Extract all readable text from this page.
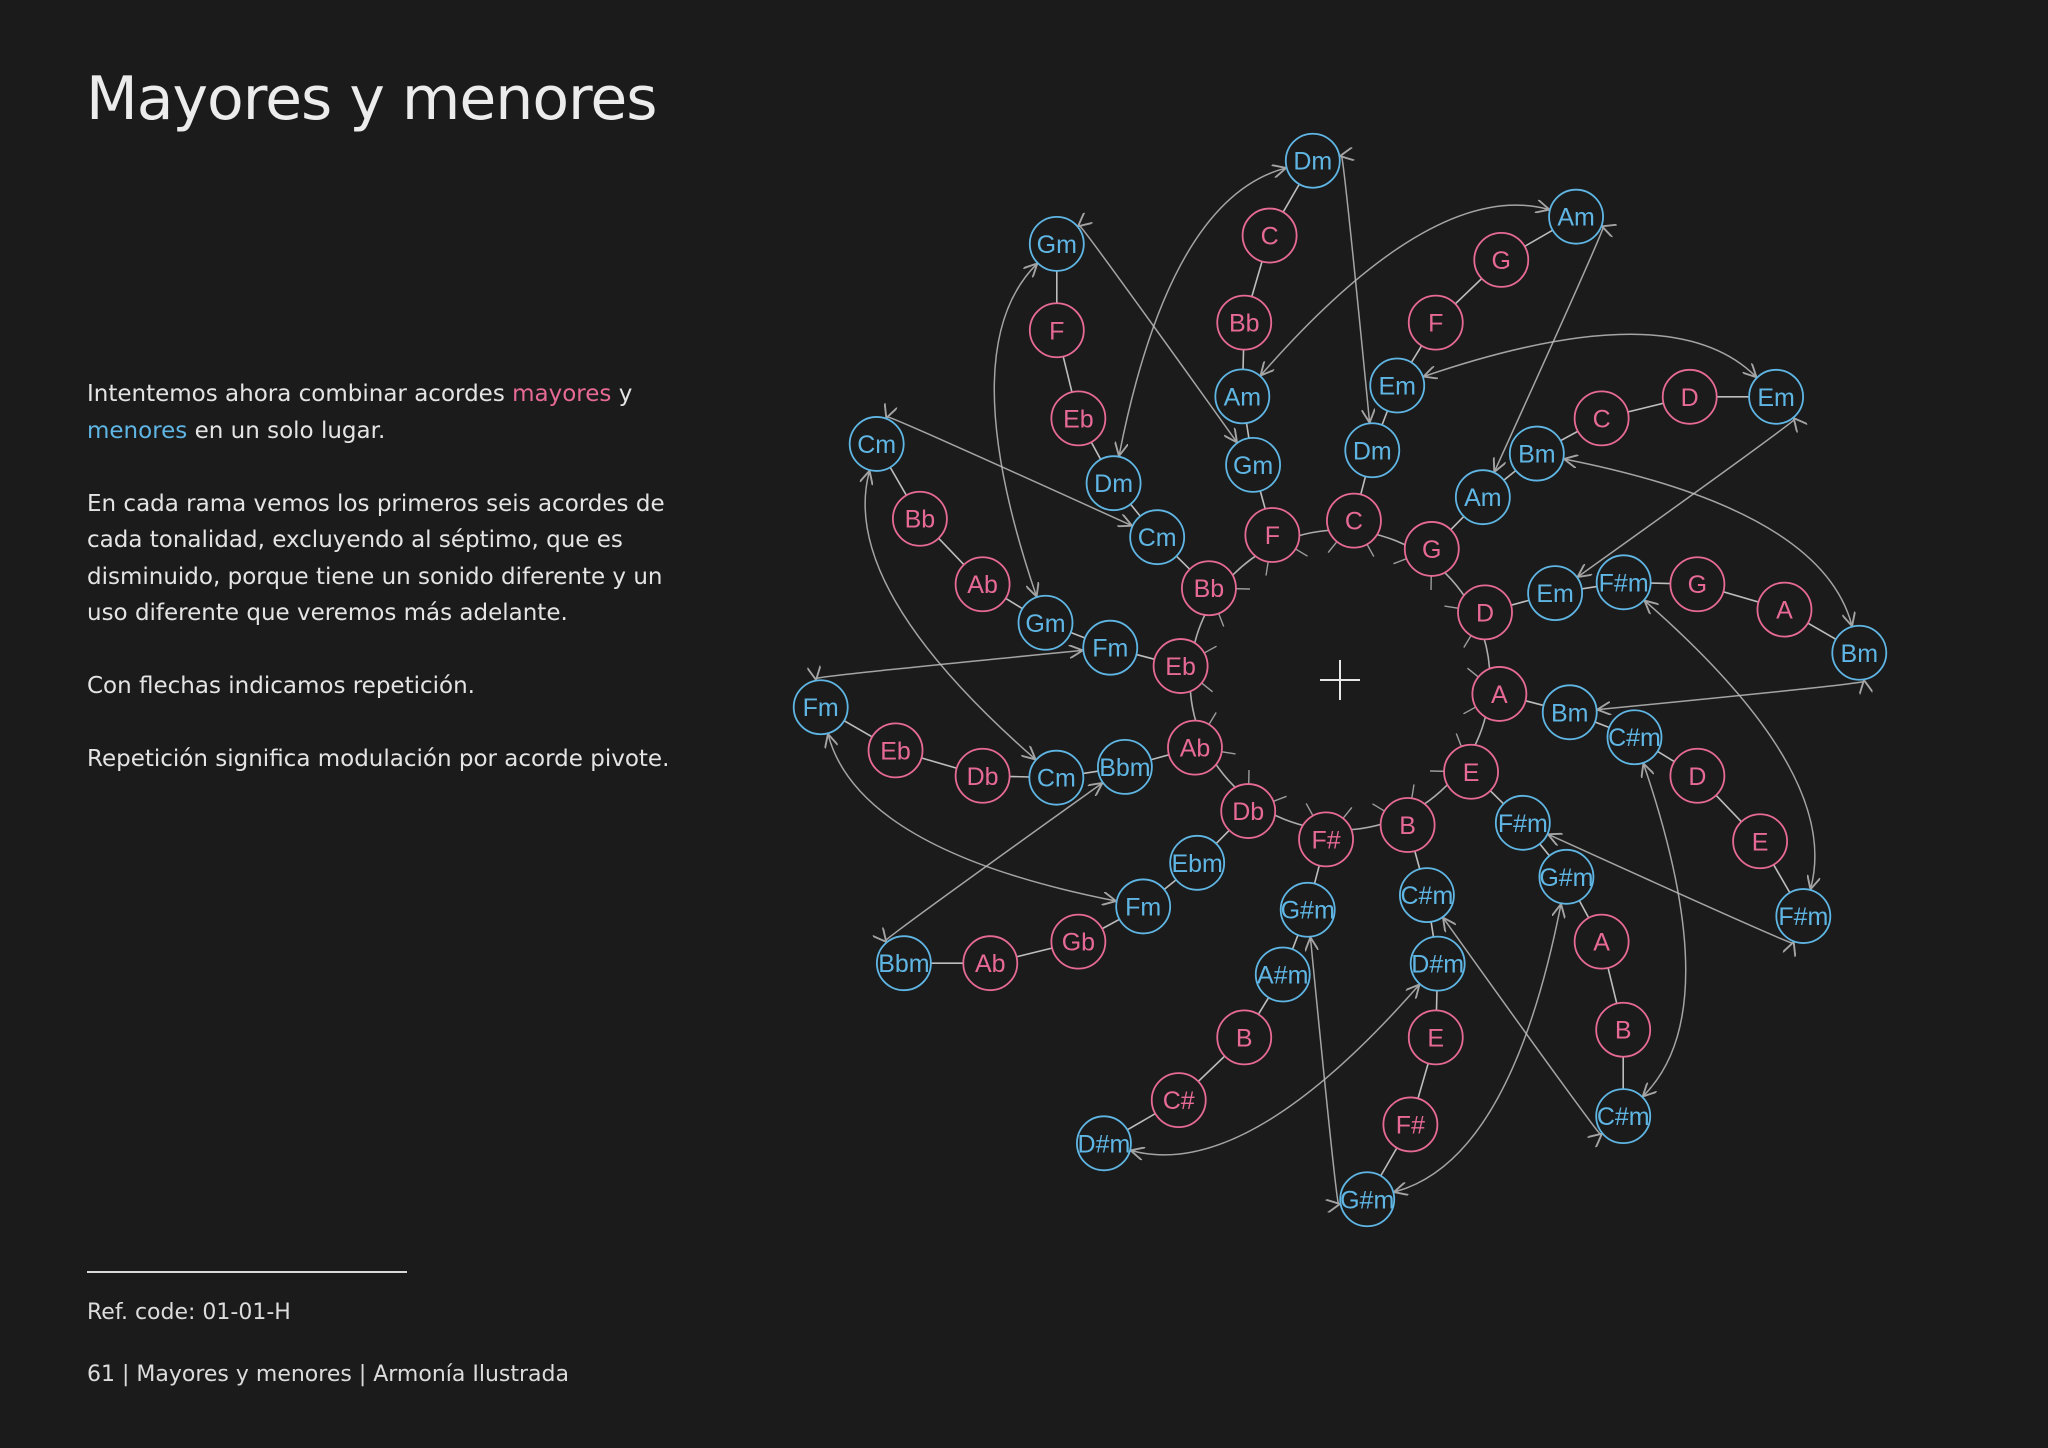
Mayores y menores

Intentemos ahora combinar acordes mayores y
menores en un solo lugar.

En cada rama vemos los primeros seis acordes de cada tonalidad, excluyendo al séptimo, que es disminuido, porque tiene un sonido diferente y un uso diferente que veremos más adelante.

Con flechas indicamos repetición.

Repetición significa modulación por acorde pivote.

Ref. code: 01-01-H
61 | Mayores y menores | Armonía Ilustrada
C
Dm
Em
F
G
Am
G
Am
Bm
C
D Em
D
Em F#m G
A
Bm
A
Bm
C#m
D
E
F#m
E
F#m
G#m
A
B
C#m
B
C#m
D#m
E
F#
G#m
F#
G#m
A#m
B
C#
D#m
Db
Ebm
Fm
Gb
Ab
Bbm
Ab
Bbm
Cm
Db
Eb
Fm
Eb
Fm
Gm
Ab
Bb
Cm
Bb
Cm
Dm
Eb
F
Gm
F
Gm
Am
Bb
C
Dm
